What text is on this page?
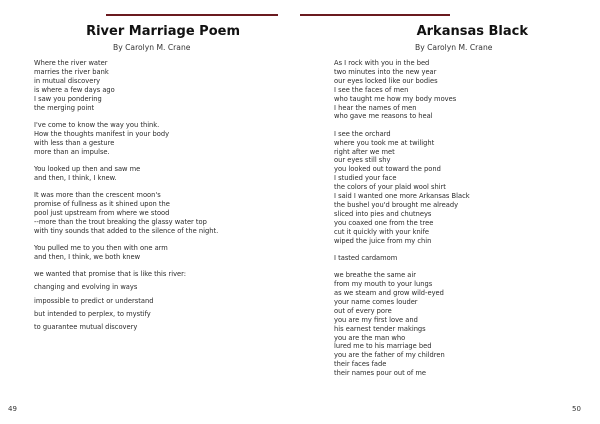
River Marriage Poem

By Carolyn M. Crane

Where the river water
marries the river bank
in mutual discovery
is where a few days ago
I saw you pondering
the merging point
I've come to know the way you think.
How the thoughts manifest in your body
with less than a gesture
more than an impulse.
You looked up then and saw me
and then, I think, I knew.
It was more than the crescent moon's
promise of fullness as it shined upon the
pool just upstream from where we stood
--more than the trout breaking the glassy water top
with tiny sounds that added to the silence of the night.
You pulled me to you then with one arm
and then, I think, we both knew
we wanted that promise that is like this river:
changing and evolving in ways
impossible to predict or understand
but intended to perplex, to mystify
to guarantee mutual discovery
49
Arkansas Black

By Carolyn M. Crane

As I rock with you in the bed
two minutes into the new year
our eyes locked like our bodies
I see the faces of men
who taught me how my body moves
I hear the names of men
who gave me reasons to heal
I see the orchard
where you took me at twilight
right after we met
our eyes still shy
you looked out toward the pond
I studied your face
the colors of your plaid wool shirt
I said I wanted one more Arkansas Black
the bushel you'd brought me already
sliced into pies and chutneys
you coaxed one from the tree
cut it quickly with your knife
wiped the juice from my chin
I tasted cardamom
we breathe the same air
from my mouth to your lungs
as we steam and grow wild-eyed
your name comes louder
out of every pore
you are my first love and
his earnest tender makings
you are the man who
lured me to his marriage bed
you are the father of my children
their faces fade
their names pour out of me
50
